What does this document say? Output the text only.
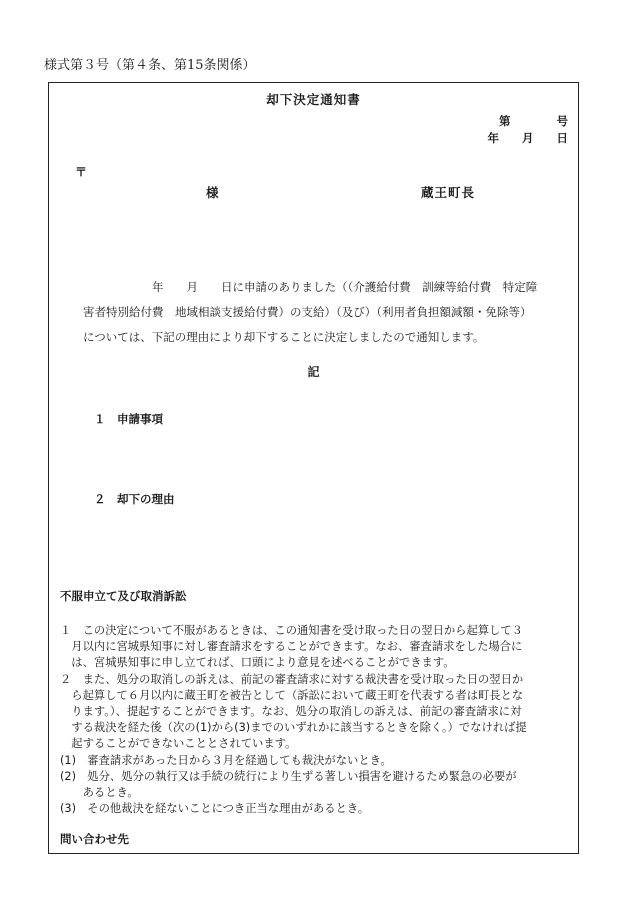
様式第３号（第４条、第15条関係）
却下決定通知書
第　　　　号
年　　月　　日
〒
様	蔵王町長
　　　　　　年　　月　　日に申請のありました（（介護給付費　訓練等給付費　特定障
害者特別給付費　地域相談支援給付費）の支給）（及び）（利用者負担額減額・免除等）
については、下記の理由により却下することに決定しましたので通知します。
記
１　申請事項
２　却下の理由
不服申立て及び取消訴訟
１　この決定について不服があるときは、この通知書を受け取った日の翌日から起算して３
　月以内に宮城県知事に対し審査請求をすることができます。なお、審査請求をした場合に
　は、宮城県知事に申し立てれば、口頭により意見を述べることができます。
２　また、処分の取消しの訴えは、前記の審査請求に対する裁決書を受け取った日の翌日か
　ら起算して６月以内に蔵王町を被告として（訴訟において蔵王町を代表する者は町長とな
　ります。）、提起することができます。なお、処分の取消しの訴えは、前記の審査請求に対
　する裁決を経た後（次の(1)から(3)までのいずれかに該当するときを除く。）でなければ提
　起することができないこととされています。
(1)　審査請求があった日から３月を経過しても裁決がないとき。
(2)　処分、処分の執行又は手続の続行により生ずる著しい損害を避けるため緊急の必要が
　　あるとき。
(3)　その他裁決を経ないことにつき正当な理由があるとき。
問い合わせ先
